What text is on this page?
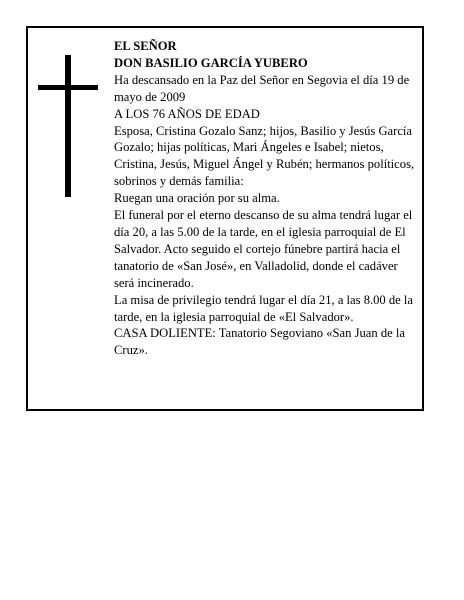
EL SEÑOR

DON BASILIO GARCÍA YUBERO

Ha descansado en la Paz del Señor en Segovia el día 19 de mayo de 2009

A LOS 76 AÑOS DE EDAD

Esposa, Cristina Gozalo Sanz; hijos, Basilio y Jesús García Gozalo; hijas políticas, Mari Ángeles e Isabel; nietos, Cristina, Jesús, Miguel Ángel y Rubén; hermanos políticos, sobrinos y demás familia:

Ruegan una oración por su alma.

El funeral por el eterno descanso de su alma tendrá lugar el día 20, a las 5.00 de la tarde, en el iglesia parroquial de El Salvador. Acto seguido el cortejo fúnebre partirá hacia el tanatorio de «San José», en Valladolid, donde el cadáver será incinerado.

La misa de privilegio tendrá lugar el día 21, a las 8.00 de la tarde, en la iglesia parroquial de «El Salvador».

CASA DOLIENTE: Tanatorio Segoviano «San Juan de la Cruz».
